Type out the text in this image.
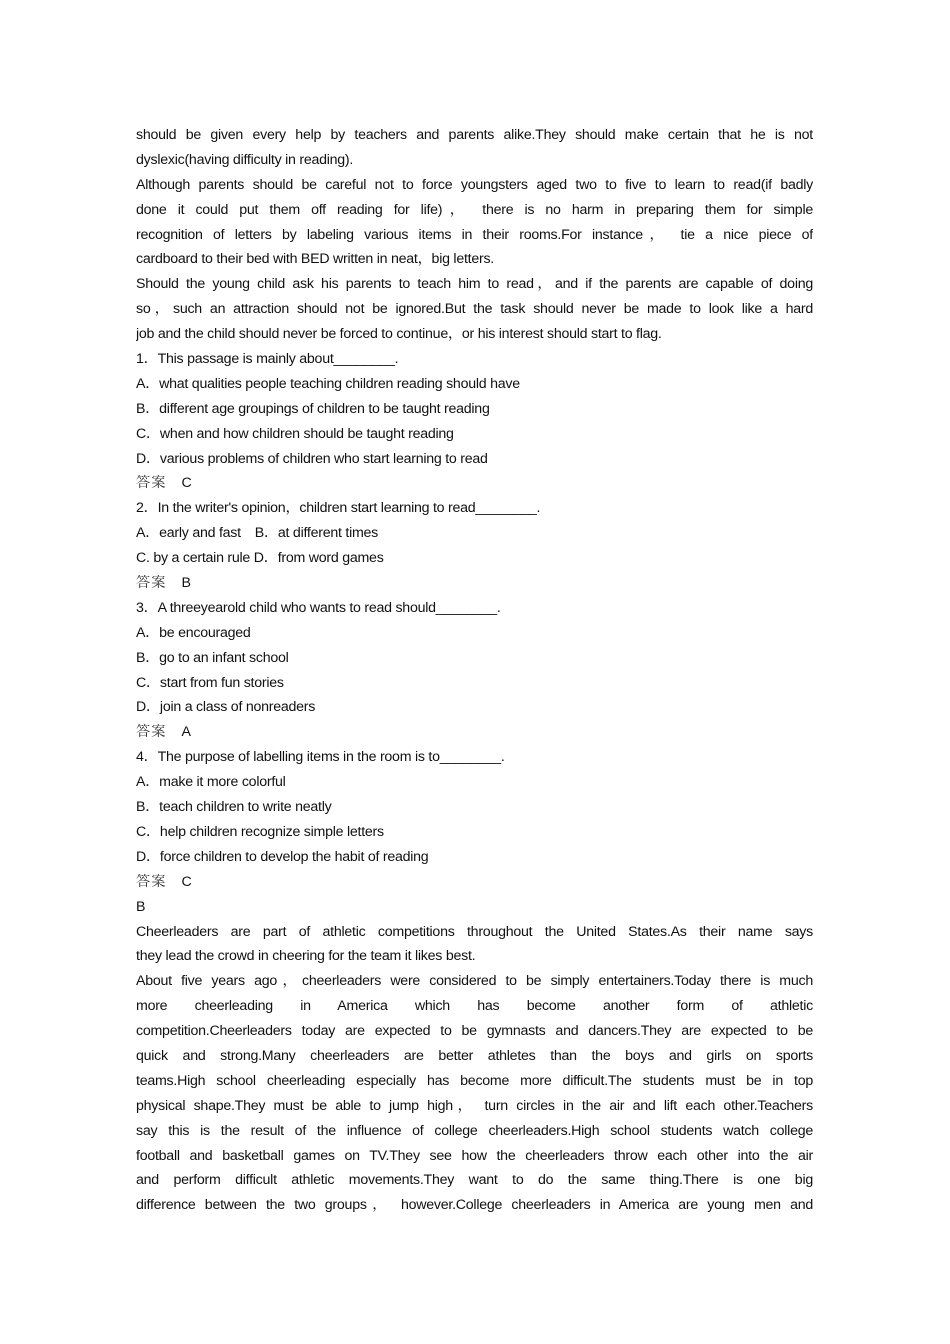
should be given every help by teachers and parents alike.They should make certain that he is not
dyslexic(having difficulty in reading).
Although parents should be careful not to force youngsters aged two to five to learn to read(if badly
done it could put them off reading for life)， there is no harm in preparing them for simple
recognition of letters by labeling various items in their rooms.For instance， tie a nice piece of
cardboard to their bed with BED written in neat，big letters.
Should the young child ask his parents to teach him to read，and if the parents are capable of doing
so，such an attraction should not be ignored.But the task should never be made to look like a hard
job and the child should never be forced to continue，or his interest should start to flag.
1．This passage is mainly about________.
A．what qualities people teaching children reading should have
B．different age groupings of children to be taught reading
C．when and how children should be taught reading
D．various problems of children who start learning to read
答案   C
2．In the writer's opinion，children start learning to read________.
A．early and fast　B．at different times
C. by a certain rule D．from word games
答案   B
3．A threeyearold child who wants to read should________.
A．be encouraged
B．go to an infant school
C．start from fun stories
D．join a class of nonreaders
答案   A
4．The purpose of labelling items in the room is to________.
A．make it more colorful
B．teach children to write neatly
C．help children recognize simple letters
D．force children to develop the habit of reading
答案   C
B
Cheerleaders are part of athletic competitions throughout the United States.As their name says
they lead the crowd in cheering for the team it likes best.
About five years ago，cheerleaders were considered to be simply entertainers.Today there is much
more cheerleading in America which has become another form of athletic
competition.Cheerleaders today are expected to be gymnasts and dancers.They are expected to be
quick and strong.Many cheerleaders are better athletes than the boys and girls on sports
teams.High school cheerleading especially has become more difficult.The students must be in top
physical shape.They must be able to jump high， turn circles in the air and lift each other.Teachers
say this is the result of the influence of college cheerleaders.High school students watch college
football and basketball games on TV.They see how the cheerleaders throw each other into the air
and perform difficult athletic movements.They want to do the same thing.There is one big
difference between the two groups， however.College cheerleaders in America are young men and
